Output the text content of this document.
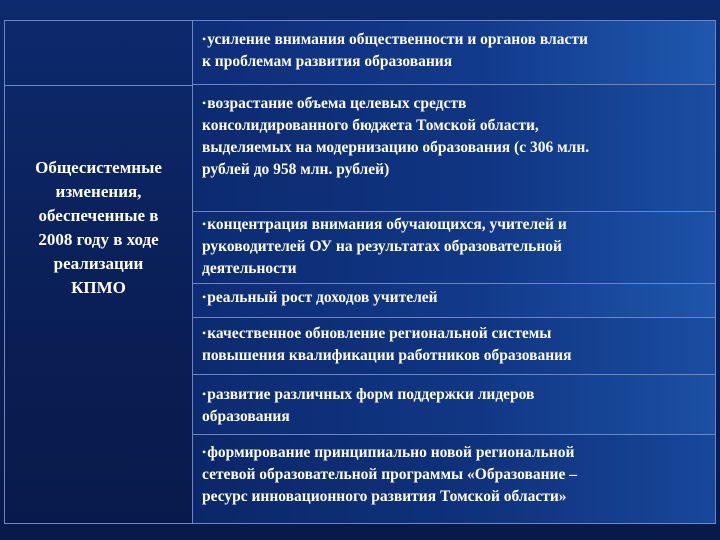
Общесистемные
изменения,
обеспеченные в
2008 году в ходе
реализации
КПМО
•усиление внимания общественности и органов власти
к проблемам развития образования
•возрастание объема целевых средств
консолидированного бюджета Томской области,
выделяемых на модернизацию образования (с 306 млн.
рублей до 958 млн. рублей)
•концентрация внимания обучающихся, учителей и
руководителей ОУ на результатах образовательной
деятельности
•реальный рост доходов учителей
•качественное обновление региональной системы
повышения квалификации работников образования
•развитие различных форм поддержки лидеров
образования
•формирование принципиально новой региональной
сетевой образовательной программы «Образование –
ресурс инновационного развития Томской области»
